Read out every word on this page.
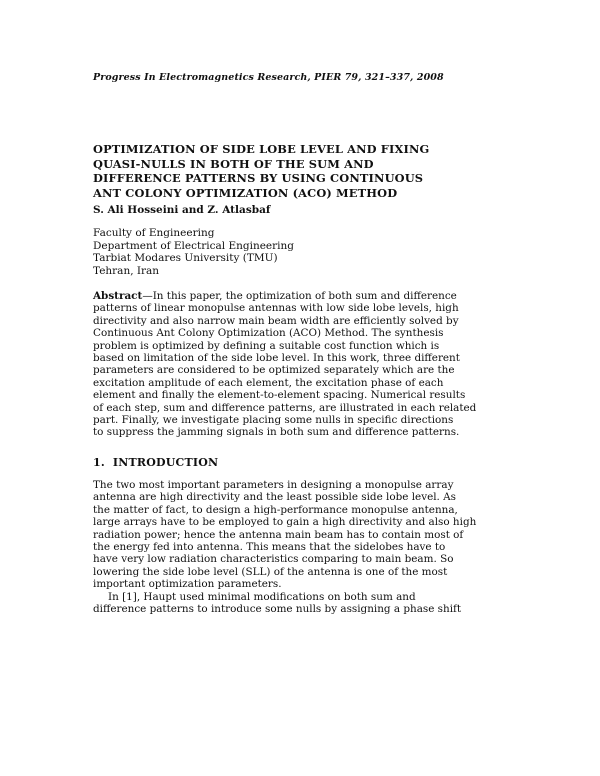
Progress In Electromagnetics Research, PIER 79, 321–337, 2008
OPTIMIZATION OF SIDE LOBE LEVEL AND FIXING
QUASI-NULLS IN BOTH OF THE SUM AND
DIFFERENCE PATTERNS BY USING CONTINUOUS
ANT COLONY OPTIMIZATION (ACO) METHOD
S. Ali Hosseini and Z. Atlasbaf
Faculty of Engineering
Department of Electrical Engineering
Tarbiat Modares University (TMU)
Tehran, Iran
Abstract—In this paper, the optimization of both sum and difference
patterns of linear monopulse antennas with low side lobe levels, high
directivity and also narrow main beam width are efficiently solved by
Continuous Ant Colony Optimization (ACO) Method. The synthesis
problem is optimized by defining a suitable cost function which is
based on limitation of the side lobe level. In this work, three different
parameters are considered to be optimized separately which are the
excitation amplitude of each element, the excitation phase of each
element and finally the element-to-element spacing. Numerical results
of each step, sum and difference patterns, are illustrated in each related
part. Finally, we investigate placing some nulls in specific directions
to suppress the jamming signals in both sum and difference patterns.
1. INTRODUCTION
The two most important parameters in designing a monopulse array
antenna are high directivity and the least possible side lobe level. As
the matter of fact, to design a high-performance monopulse antenna,
large arrays have to be employed to gain a high directivity and also high
radiation power; hence the antenna main beam has to contain most of
the energy fed into antenna. This means that the sidelobes have to
have very low radiation characteristics comparing to main beam. So
lowering the side lobe level (SLL) of the antenna is one of the most
important optimization parameters.
In [1], Haupt used minimal modifications on both sum and
difference patterns to introduce some nulls by assigning a phase shift
